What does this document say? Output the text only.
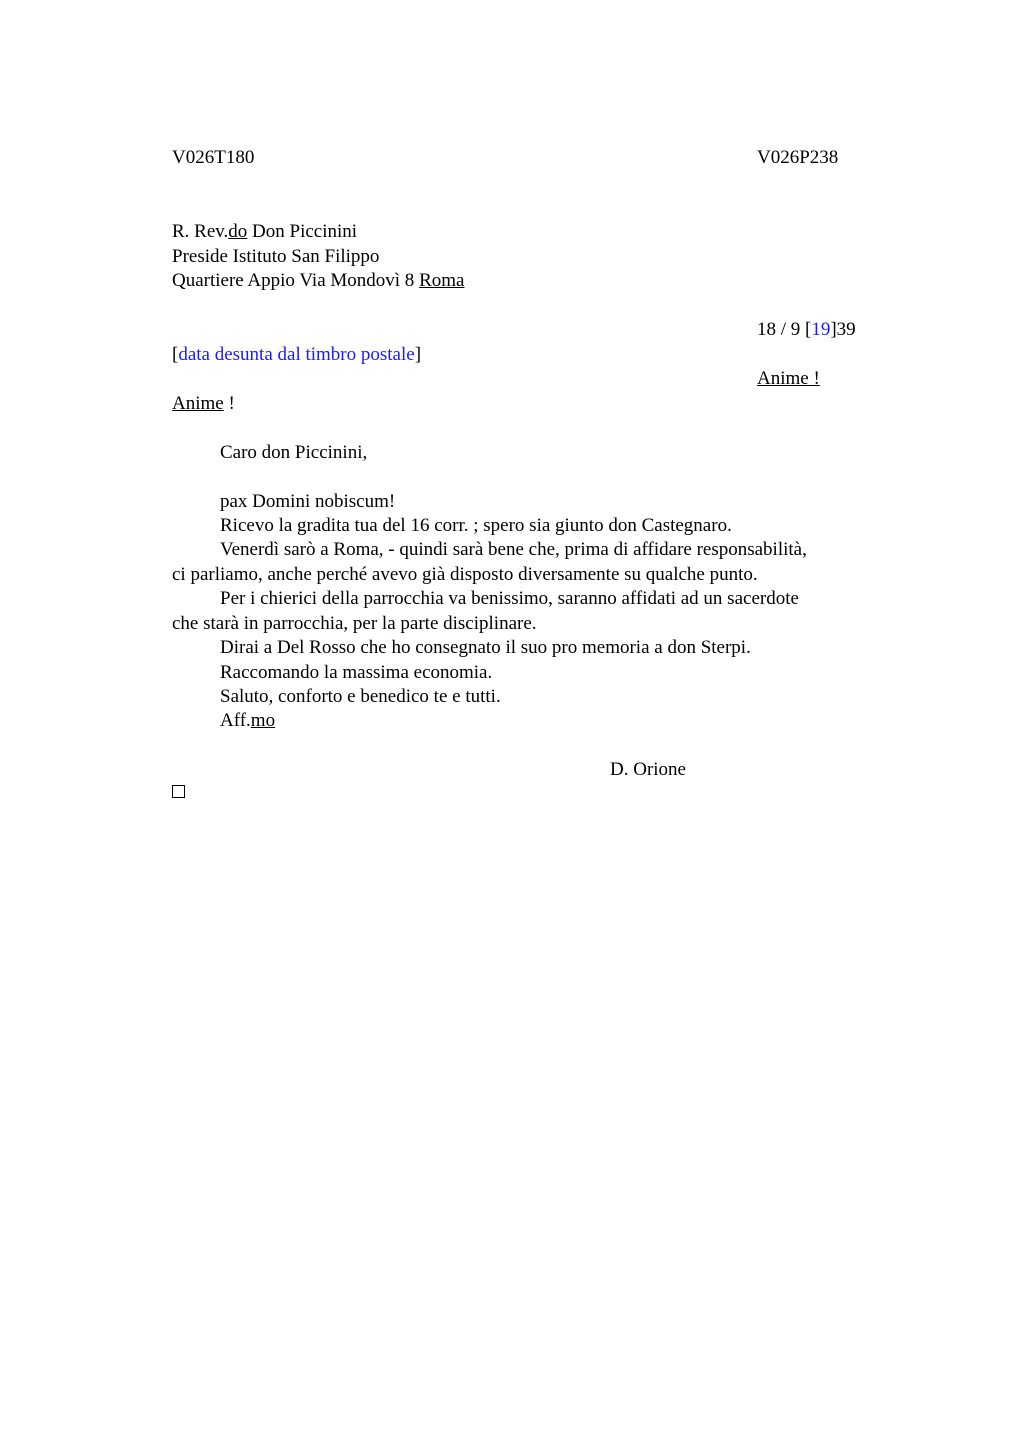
V026T180	V026P238
R. Rev.do Don Piccinini
Preside Istituto San Filippo
Quartiere Appio Via Mondovì 8 Roma
18 / 9 [19]39
[data desunta dal timbro postale]
Anime !
Anime !
Caro don Piccinini,
pax Domini nobiscum!
Ricevo la gradita tua del 16 corr. ; spero sia giunto don Castegnaro.
Venerdì sarò a Roma, - quindi sarà bene che, prima di affidare responsabilità,
ci parliamo, anche perché avevo già disposto diversamente su qualche punto.
Per i chierici della parrocchia va benissimo, saranno affidati ad un sacerdote
che starà in parrocchia, per la parte disciplinare.
Dirai a Del Rosso che ho consegnato il suo pro memoria a don Sterpi.
Raccomando la massima economia.
Saluto, conforto e benedico te e tutti.
Aff.mo
D. Orione
